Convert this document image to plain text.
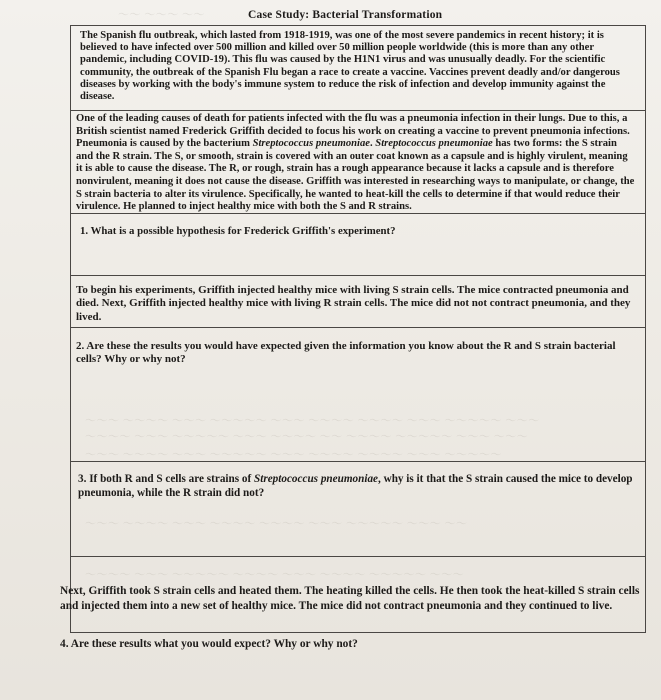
～～ ～～～ ～～
～～～ ～～～～ ～～～ ～～～～～ ～～～ ～～～～ ～～～～ ～～～ ～～～～～ ～～～
～～～～ ～～～ ～～～～～ ～～～ ～～～～ ～～ ～～～～ ～～～～～ ～～～ ～～～
～～～ ～～～～ ～～～ ～～～～～ ～～～ ～～～～ ～～～～ ～～～ ～～～～～
～～～ ～～～～ ～～～ ～～～～ ～～～～ ～～～ ～～～～～ ～～～ ～～
～～～～ ～～～ ～～～～～ ～～～～ ～～～ ～～～～ ～～～～～ ～～～
Case Study: Bacterial Transformation
The Spanish flu outbreak, which lasted from 1918-1919, was one of the most severe pandemics in recent history; it is believed to have infected over 500 million and killed over 50 million people worldwide (this is more than any other pandemic, including COVID-19). This flu was caused by the H1N1 virus and was unusually deadly. For the scientific community, the outbreak of the Spanish Flu began a race to create a vaccine. Vaccines prevent deadly and/or dangerous diseases by working with the body's immune system to reduce the risk of infection and develop immunity against the disease.
One of the leading causes of death for patients infected with the flu was a pneumonia infection in their lungs. Due to this, a British scientist named Frederick Griffith decided to focus his work on creating a vaccine to prevent pneumonia infections. Pneumonia is caused by the bacterium Streptococcus pneumoniae. Streptococcus pneumoniae has two forms: the S strain and the R strain. The S, or smooth, strain is covered with an outer coat known as a capsule and is highly virulent, meaning it is able to cause the disease. The R, or rough, strain has a rough appearance because it lacks a capsule and is therefore nonvirulent, meaning it does not cause the disease. Griffith was interested in researching ways to manipulate, or change, the S strain bacteria to alter its virulence. Specifically, he wanted to heat-kill the cells to determine if that would reduce their virulence. He planned to inject healthy mice with both the S and R strains.
1. What is a possible hypothesis for Frederick Griffith's experiment?
To begin his experiments, Griffith injected healthy mice with living S strain cells. The mice contracted pneumonia and died. Next, Griffith injected healthy mice with living R strain cells. The mice did not not contract pneumonia, and they lived.
2. Are these the results you would have expected given the information you know about the R and S strain bacterial cells? Why or why not?
3. If both R and S cells are strains of Streptococcus pneumoniae, why is it that the S strain caused the mice to develop pneumonia, while the R strain did not?
Next, Griffith took S strain cells and heated them. The heating killed the cells. He then took the heat-killed S strain cells and injected them into a new set of healthy mice. The mice did not contract pneumonia and they continued to live.
4. Are these results what you would expect? Why or why not?
